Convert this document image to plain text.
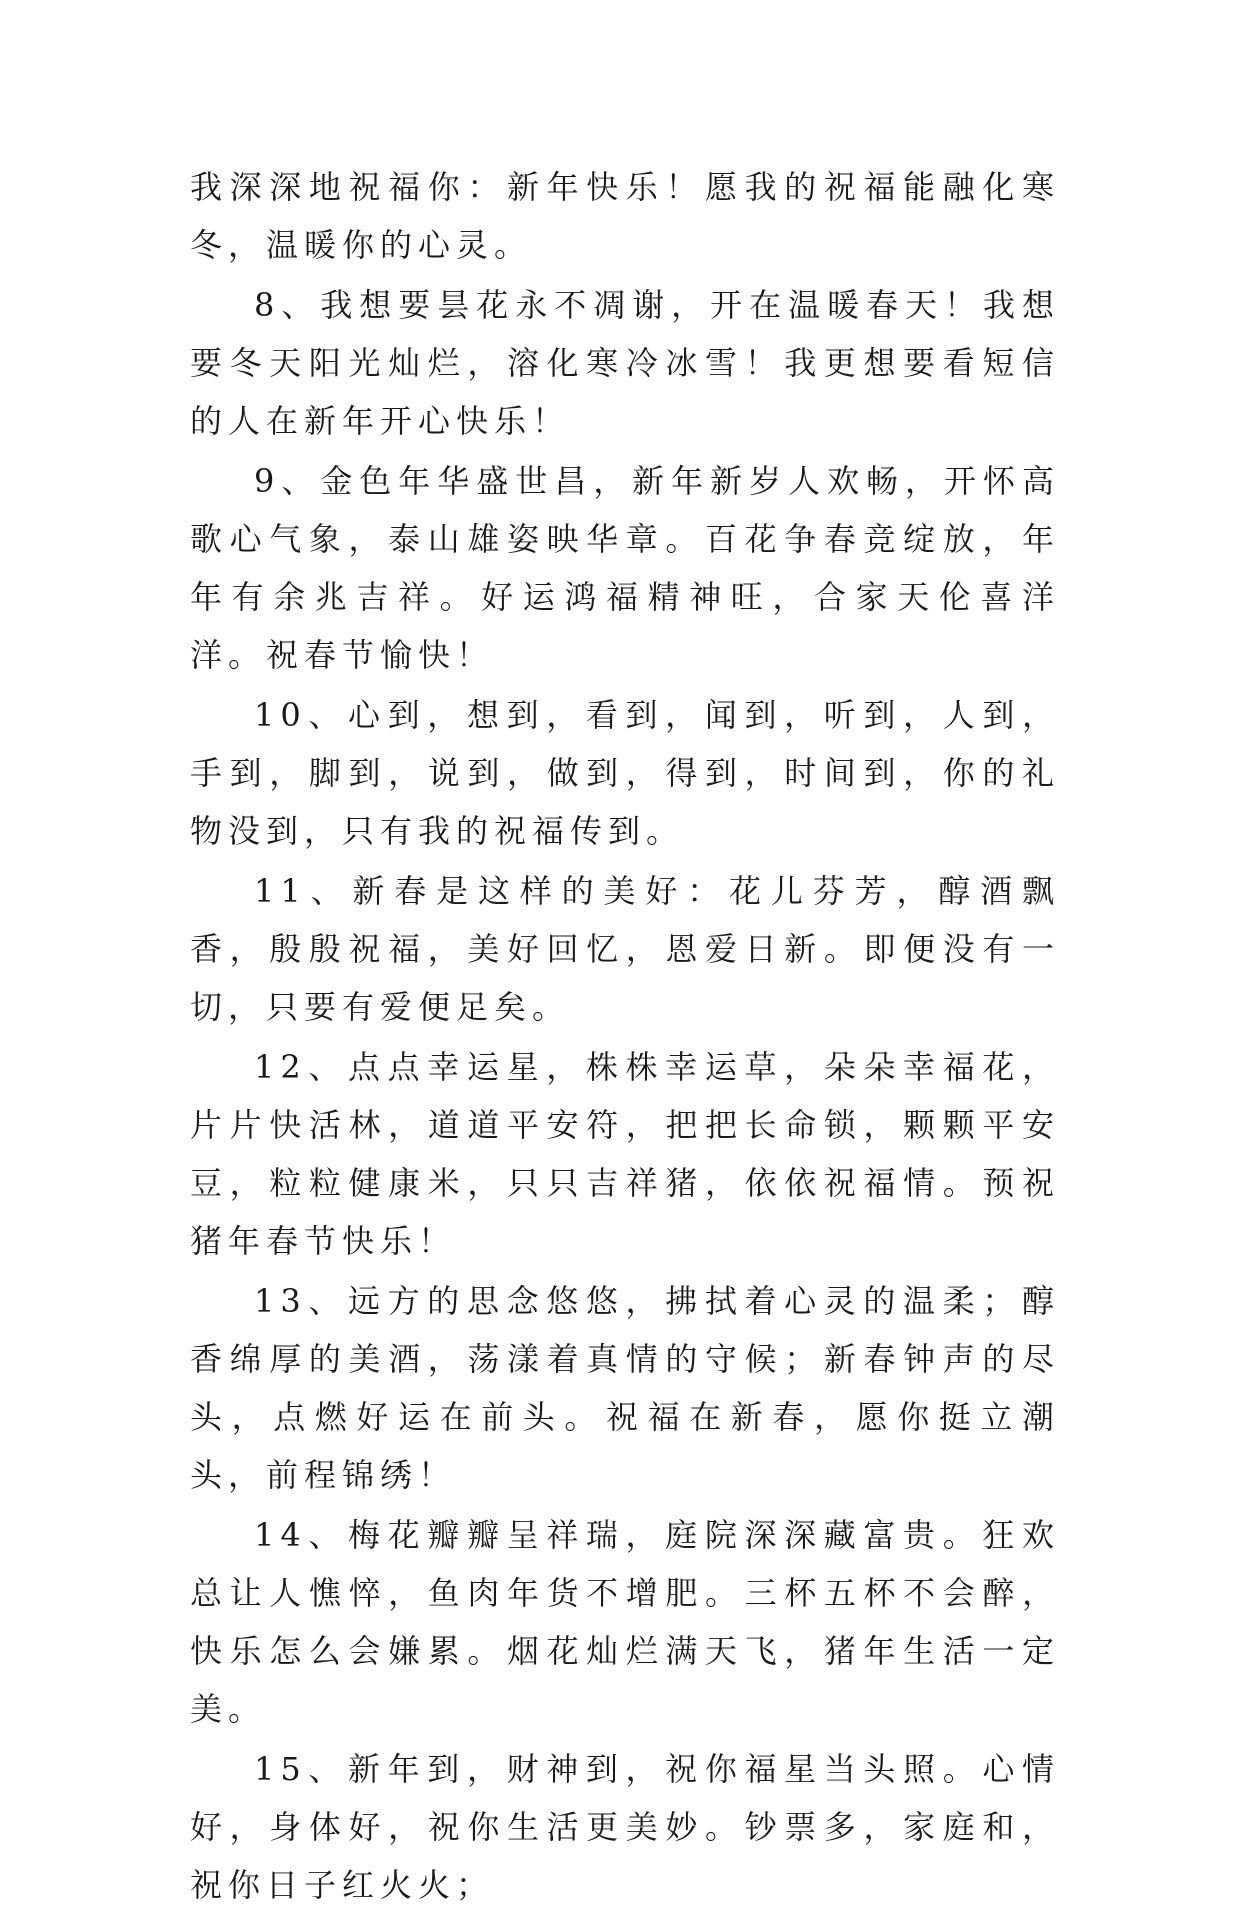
我深深地祝福你：新年快乐！愿我的祝福能融化寒冬，温暖你的心灵。

8、我想要昙花永不凋谢，开在温暖春天！我想要冬天阳光灿烂，溶化寒冷冰雪！我更想要看短信的人在新年开心快乐！

9、金色年华盛世昌，新年新岁人欢畅，开怀高歌心气象，泰山雄姿映华章。百花争春竞绽放，年年有余兆吉祥。好运鸿福精神旺，合家天伦喜洋洋。祝春节愉快！

10、心到，想到，看到，闻到，听到，人到，手到，脚到，说到，做到，得到，时间到，你的礼物没到，只有我的祝福传到。

11、新春是这样的美好：花儿芬芳，醇酒飘香，殷殷祝福，美好回忆，恩爱日新。即便没有一切，只要有爱便足矣。

12、点点幸运星，株株幸运草，朵朵幸福花，片片快活林，道道平安符，把把长命锁，颗颗平安豆，粒粒健康米，只只吉祥猪，依依祝福情。预祝猪年春节快乐！

13、远方的思念悠悠，拂拭着心灵的温柔；醇香绵厚的美酒，荡漾着真情的守候；新春钟声的尽头，点燃好运在前头。祝福在新春，愿你挺立潮头，前程锦绣！

14、梅花瓣瓣呈祥瑞，庭院深深藏富贵。狂欢总让人憔悴，鱼肉年货不增肥。三杯五杯不会醉，快乐怎么会嫌累。烟花灿烂满天飞，猪年生活一定美。

15、新年到，财神到，祝你福星当头照。心情好，身体好，祝你生活更美妙。钞票多，家庭和，祝你日子红火火；
